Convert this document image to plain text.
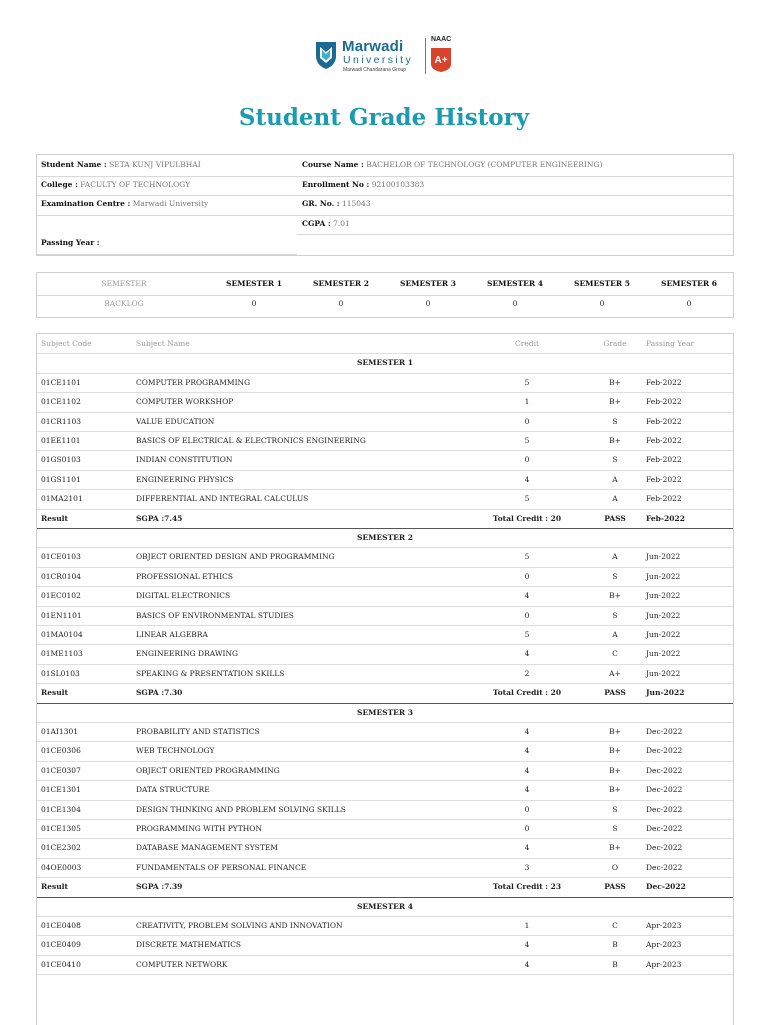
Marwadi
University
Marwadi Chandarana Group
NAAC
A+
Student Grade History
Student Name : SETA KUNJ VIPULBHAI	Course Name : BACHELOR OF TECHNOLOGY (COMPUTER ENGINEERING)
College : FACULTY OF TECHNOLOGY	Enrollment No : 92100103383
Examination Centre : Marwadi University	GR. No. : 115043
CGPA : 7.01
Passing Year :
SEMESTER	SEMESTER 1	SEMESTER 2	SEMESTER 3	SEMESTER 4	SEMESTER 5	SEMESTER 6
BACKLOG	0	0	0	0	0	0
Subject Code	Subject Name	Credit	Grade	Passing Year
SEMESTER 1
01CE1101	COMPUTER PROGRAMMING	5	B+	Feb-2022
01CE1102	COMPUTER WORKSHOP	1	B+	Feb-2022
01CR1103	VALUE EDUCATION	0	S	Feb-2022
01EE1101	BASICS OF ELECTRICAL & ELECTRONICS ENGINEERING	5	B+	Feb-2022
01GS0103	INDIAN CONSTITUTION	0	S	Feb-2022
01GS1101	ENGINEERING PHYSICS	4	A	Feb-2022
01MA2101	DIFFERENTIAL AND INTEGRAL CALCULUS	5	A	Feb-2022
Result	SGPA :7.45	Total Credit : 20	PASS	Feb-2022
SEMESTER 2
01CE0103	OBJECT ORIENTED DESIGN AND PROGRAMMING	5	A	Jun-2022
01CR0104	PROFESSIONAL ETHICS	0	S	Jun-2022
01EC0102	DIGITAL ELECTRONICS	4	B+	Jun-2022
01EN1101	BASICS OF ENVIRONMENTAL STUDIES	0	S	Jun-2022
01MA0104	LINEAR ALGEBRA	5	A	Jun-2022
01ME1103	ENGINEERING DRAWING	4	C	Jun-2022
01SL0103	SPEAKING & PRESENTATION SKILLS	2	A+	Jun-2022
Result	SGPA :7.30	Total Credit : 20	PASS	Jun-2022
SEMESTER 3
01AI1301	PROBABILITY AND STATISTICS	4	B+	Dec-2022
01CE0306	WEB TECHNOLOGY	4	B+	Dec-2022
01CE0307	OBJECT ORIENTED PROGRAMMING	4	B+	Dec-2022
01CE1301	DATA STRUCTURE	4	B+	Dec-2022
01CE1304	DESIGN THINKING AND PROBLEM SOLVING SKILLS	0	S	Dec-2022
01CE1305	PROGRAMMING WITH PYTHON	0	S	Dec-2022
01CE2302	DATABASE MANAGEMENT SYSTEM	4	B+	Dec-2022
04OE0003	FUNDAMENTALS OF PERSONAL FINANCE	3	O	Dec-2022
Result	SGPA :7.39	Total Credit : 23	PASS	Dec-2022
SEMESTER 4
01CE0408	CREATIVITY, PROBLEM SOLVING AND INNOVATION	1	C	Apr-2023
01CE0409	DISCRETE MATHEMATICS	4	B	Apr-2023
01CE0410	COMPUTER NETWORK	4	B	Apr-2023
